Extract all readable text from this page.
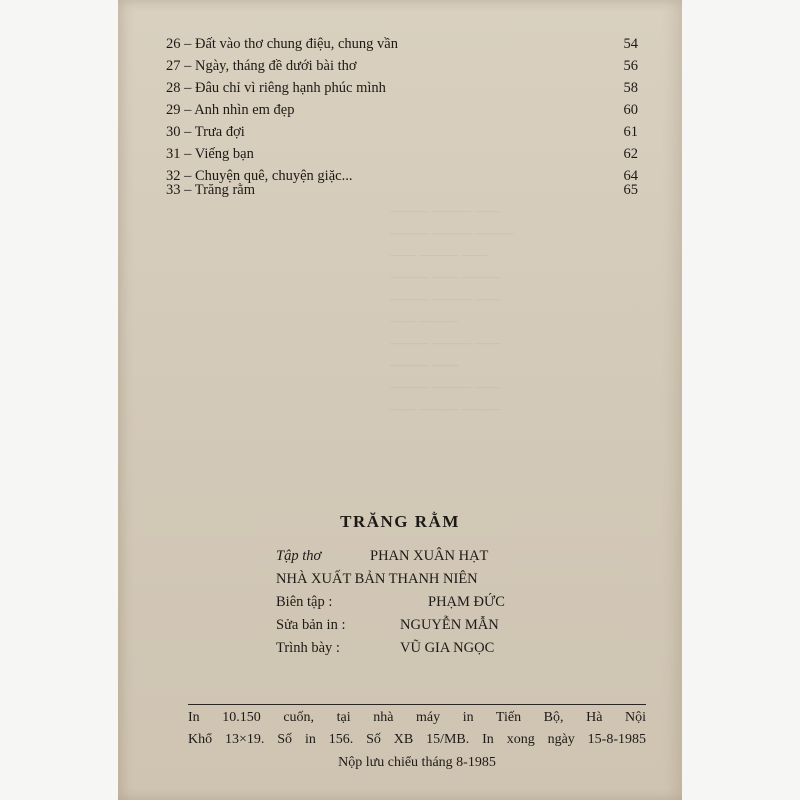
——— ——— ——
——— ——— ———
—— ——— ——
——— —— ———
——— ——— ——
—— ———
——— ——— ——
——— ——
——— ——— ——
—— ——— ———
26 – Đất vào thơ chung điệu, chung vần	54
27 – Ngày, tháng đề dưới bài thơ	56
28 – Đâu chỉ vì riêng hạnh phúc mình	58
29 – Anh nhìn em đẹp	60
30 – Trưa đợi	61
31 – Viếng bạn	62
32 – Chuyện quê, chuyện giặc...	64
33 – Trăng rằm	65
TRĂNG RẰM
Tập thơ	PHAN XUÂN HẠT
NHÀ XUẤT BẢN THANH NIÊN
Biên tập :	PHẠM ĐỨC
Sửa bản in :	NGUYỄN MẪN
Trình bày :	VŨ GIA NGỌC
In 10.150 cuốn, tại nhà máy in Tiến Bộ, Hà Nội
Khổ 13×19. Số in 156. Số XB 15/MB. In xong ngày 15-8-1985
Nộp lưu chiểu tháng 8-1985
